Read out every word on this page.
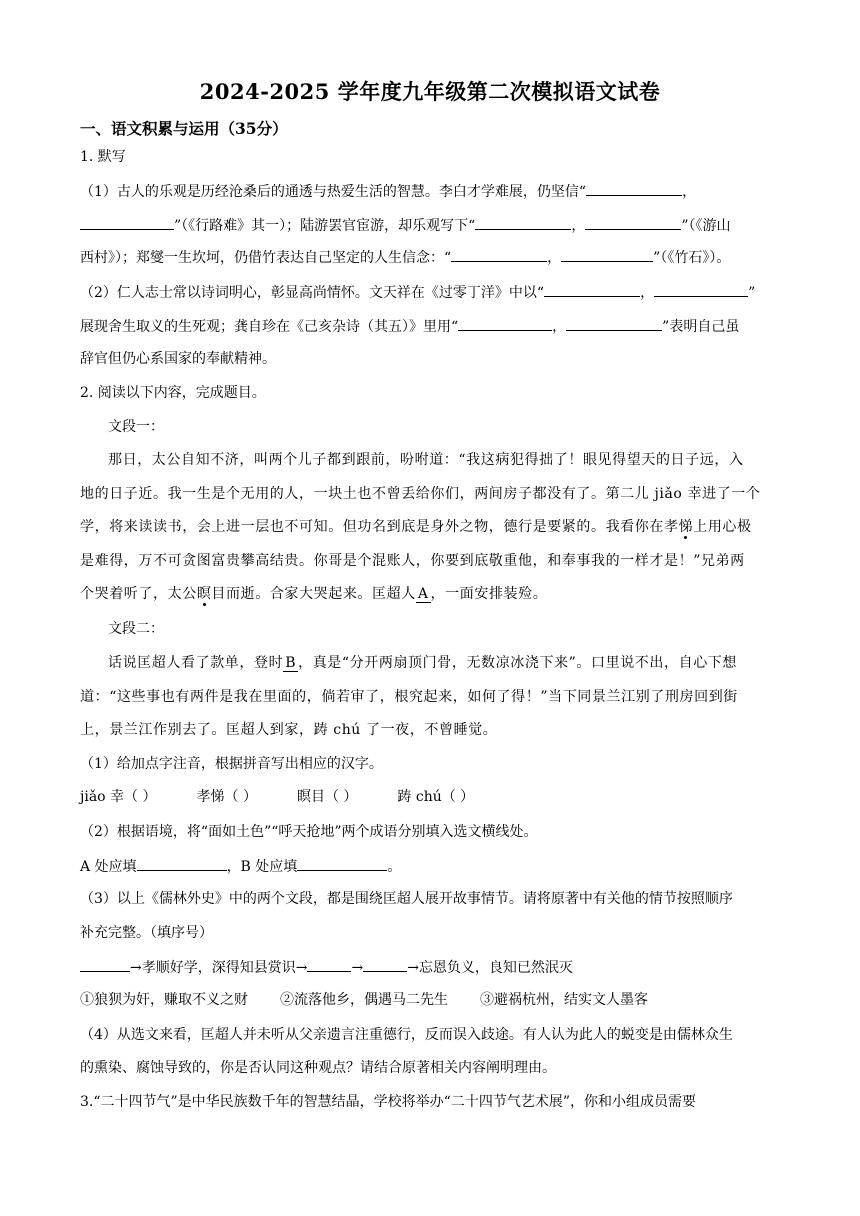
2024-2025 学年度九年级第二次模拟语文试卷
一、语文积累与运用（35分）
1. 默写
（1）古人的乐观是历经沧桑后的通透与热爱生活的智慧。李白才学难展，仍坚信“	，
”（《行路难》其一）；陆游罢官宦游，却乐观写下“	，	”（《游山
西村》）；郑燮一生坎坷，仍借竹表达自己坚定的人生信念：“	，	”（《竹石》）。
（2）仁人志士常以诗词明心，彰显高尚情怀。文天祥在《过零丁洋》中以“	，	”
展现舍生取义的生死观；龚自珍在《己亥杂诗（其五）》里用“	，	”表明自己虽
辞官但仍心系国家的奉献精神。
2. 阅读以下内容，完成题目。
文段一：
那日，太公自知不济，叫两个儿子都到跟前，吩咐道：“我这病犯得拙了！眼见得望天的日子远，入
地的日子近。我一生是个无用的人，一块土也不曾丢给你们，两间房子都没有了。第二儿 jiǎo 幸进了一个
学，将来读读书，会上进一层也不可知。但功名到底是身外之物，德行是要紧的。我看你在孝悌上用心极
是难得，万不可贪图富贵攀高结贵。你哥是个混账人，你要到底敬重他，和奉事我的一样才是！”兄弟两
个哭着听了，太公瞑目而逝。合家大哭起来。匡超人 A ，一面安排装殓。
文段二：
话说匡超人看了款单，登时 B ，真是“分开两扇顶门骨，无数凉冰浇下来”。口里说不出，自心下想
道：“这些事也有两件是我在里面的，倘若审了，根究起来，如何了得！”当下同景兰江别了刑房回到街
上，景兰江作别去了。匡超人到家，踌 chú 了一夜，不曾睡觉。
（1）给加点字注音，根据拼音写出相应的汉字。
jiǎo 幸（ ）	孝悌（ ）	瞑目（ ）	踌 chú（ ）
（2）根据语境，将“面如土色”“呼天抢地”两个成语分别填入选文横线处。
A 处应填	，B 处应填	。
（3）以上《儒林外史》中的两个文段，都是围绕匡超人展开故事情节。请将原著中有关他的情节按照顺序
补充完整。（填序号）
→孝顺好学，深得知县赏识→	→	→忘恩负义，良知已然泯灭
①狼狈为奸，赚取不义之财 ②流落他乡，偶遇马二先生 ③避祸杭州，结实文人墨客
（4）从选文来看，匡超人并未听从父亲遗言注重德行，反而误入歧途。有人认为此人的蜕变是由儒林众生
的熏染、腐蚀导致的，你是否认同这种观点？请结合原著相关内容阐明理由。
3.“二十四节气”是中华民族数千年的智慧结晶，学校将举办“二十四节气艺术展”，你和小组成员需要
